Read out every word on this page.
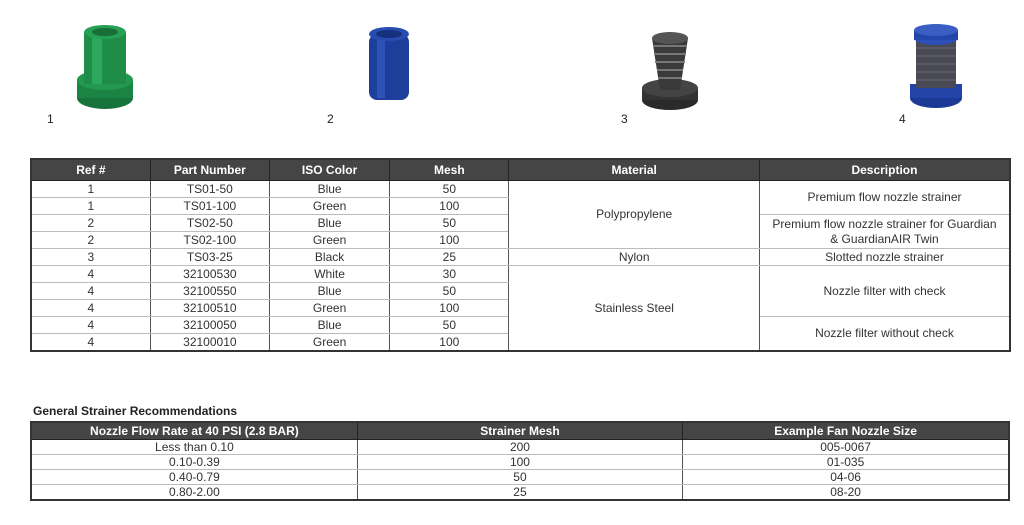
1	2	3	4
Ref #	Part Number	ISO Color	Mesh	Material	Description
1	TS01-50	Blue	50	Polypropylene	Premium flow nozzle strainer
1	TS01-100	Green	100		
2	TS02-50	Blue	50		Premium flow nozzle strainer for Guardian & GuardianAIR Twin
2	TS02-100	Green	100		
3	TS03-25	Black	25	Nylon	Slotted nozzle strainer
4	32100530	White	30	Stainless Steel	Nozzle filter with check
4	32100550	Blue	50		
4	32100510	Green	100		
4	32100050	Blue	50		Nozzle filter without check
4	32100010	Green	100		
General Strainer Recommendations
Nozzle Flow Rate at 40 PSI (2.8 BAR)	Strainer Mesh	Example Fan Nozzle Size
Less than 0.10	200	005-0067
0.10-0.39	100	01-035
0.40-0.79	50	04-06
0.80-2.00	25	08-20
